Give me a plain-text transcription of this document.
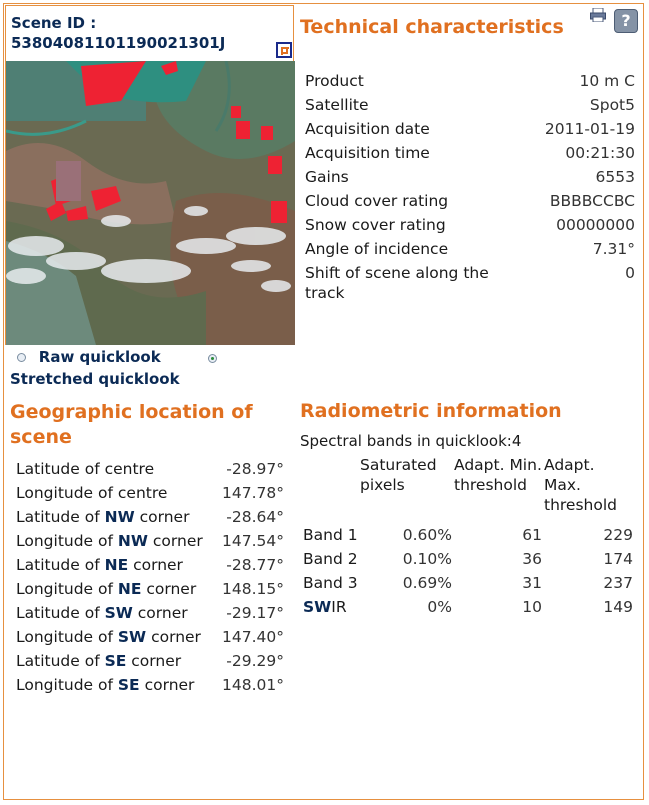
Scene ID :
53804081101190021301J
Raw quicklook
Stretched quicklook
Technical characteristics	?
Product	10 m C
Satellite	Spot5
Acquisition date	2011-01-19
Acquisition time	00:21:30
Gains	6553
Cloud cover rating	BBBBCCBC
Snow cover rating	00000000
Angle of incidence	7.31°
Shift of scene along the track	0
Geographic location of scene
Latitude of centre	-28.97°
Longitude of centre	147.78°
Latitude of NW corner	-28.64°
Longitude of NW corner	147.54°
Latitude of NE corner	-28.77°
Longitude of NE corner	148.15°
Latitude of SW corner	-29.17°
Longitude of SW corner	147.40°
Latitude of SE corner	-29.29°
Longitude of SE corner	148.01°
Radiometric information
Spectral bands in quicklook:4
	Saturated pixels	Adapt. Min. threshold	Adapt. Max. threshold
Band 1	0.60%	61	229
Band 2	0.10%	36	174
Band 3	0.69%	31	237
SWIR	0%	10	149
